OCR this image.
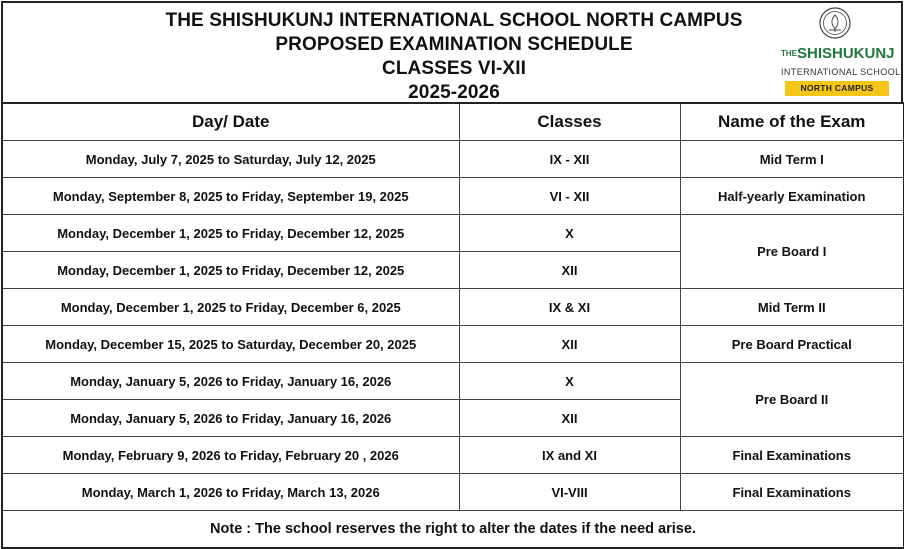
THE SHISHUKUNJ INTERNATIONAL SCHOOL NORTH CAMPUS
PROPOSED EXAMINATION SCHEDULE
CLASSES VI-XII
2025-2026
$^{THE}$SHISHUKUNJ
INTERNATIONAL SCHOOL
NORTH CAMPUS
Day/ Date	Classes	Name of the Exam
Monday, July 7, 2025 to Saturday, July 12, 2025	IX - XII	Mid Term I
Monday, September 8, 2025 to Friday, September 19, 2025	VI - XII	Half-yearly Examination
Monday, December 1, 2025 to Friday, December 12, 2025	X	Pre Board I
Monday, December 1, 2025 to Friday, December 12, 2025	XII	
Monday, December 1, 2025 to Friday, December 6, 2025	IX & XI	Mid Term II
Monday, December 15, 2025 to Saturday, December 20, 2025	XII	Pre Board Practical
Monday, January 5, 2026 to Friday, January 16, 2026	X	Pre Board II
Monday, January 5, 2026 to Friday, January 16, 2026	XII	
Monday, February 9, 2026 to Friday, February 20 , 2026	IX and XI	Final Examinations
Monday, March 1, 2026 to Friday, March 13, 2026	VI-VIII	Final Examinations
Note : The school reserves the right to alter the dates if the need arise.		
